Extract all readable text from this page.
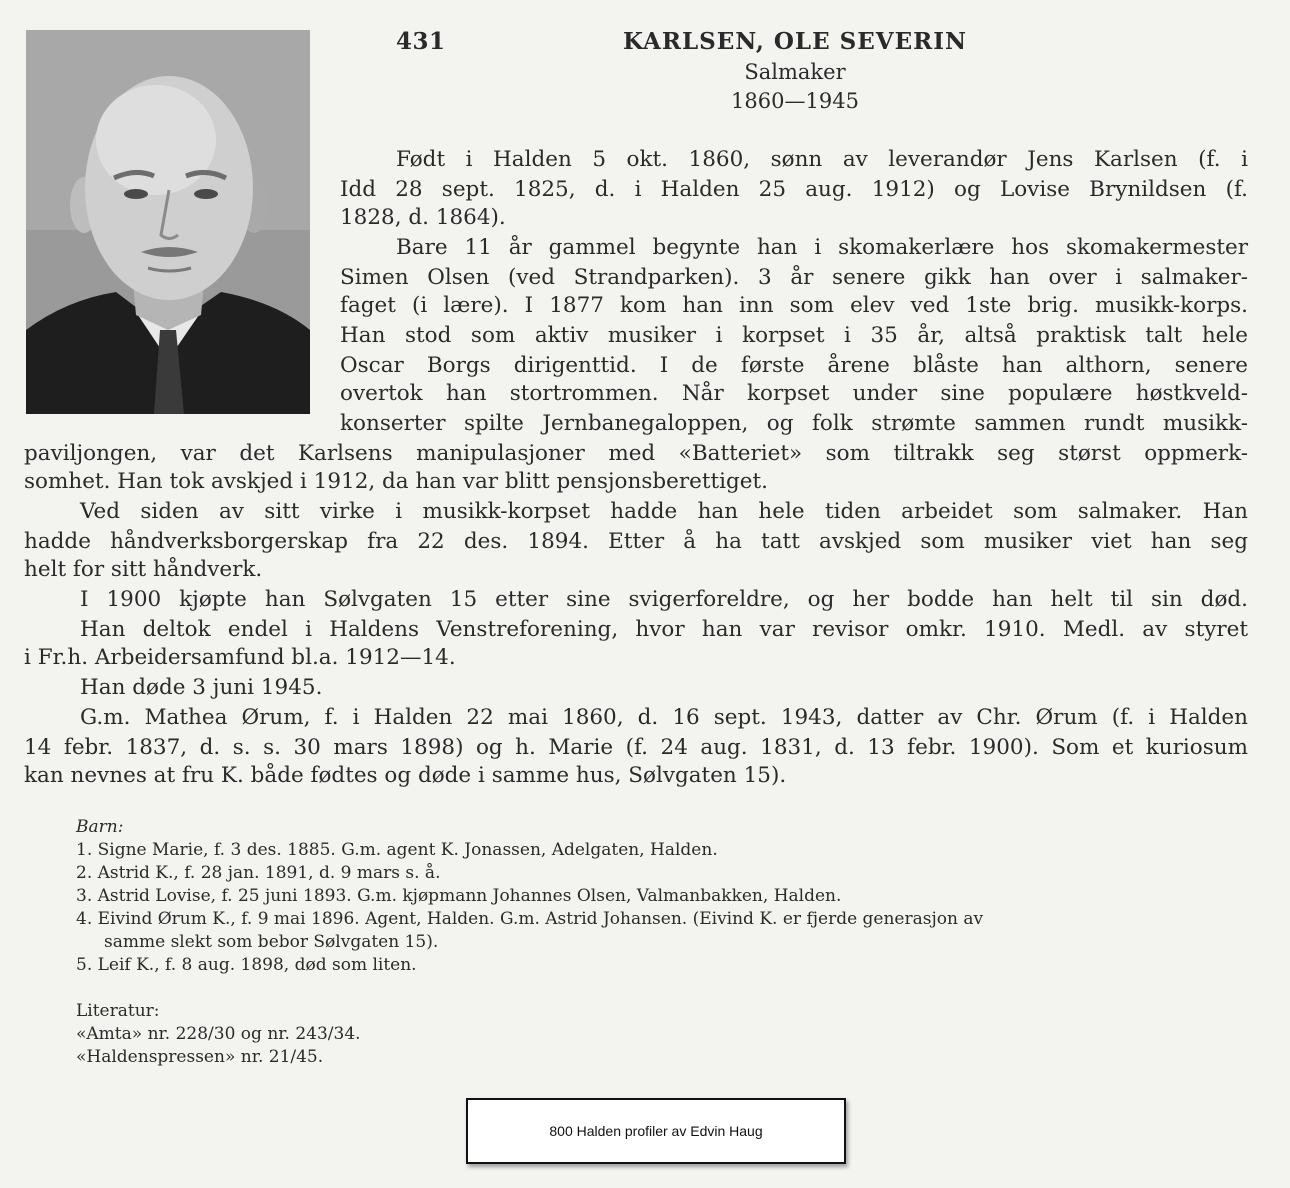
431	KARLSEN, OLE SEVERIN
Salmaker
1860—1945
Født i Halden 5 okt. 1860, sønn av leverandør Jens Karlsen (f. i
Idd 28 sept. 1825, d. i Halden 25 aug. 1912) og Lovise Brynildsen (f.
1828, d. 1864).
Bare 11 år gammel begynte han i skomakerlære hos skomakermester
Simen Olsen (ved Strandparken). 3 år senere gikk han over i salmaker-
faget (i lære). I 1877 kom han inn som elev ved 1ste brig. musikk-korps.
Han stod som aktiv musiker i korpset i 35 år, altså praktisk talt hele
Oscar Borgs dirigenttid. I de første årene blåste han althorn, senere
overtok han stortrommen. Når korpset under sine populære høstkveld-
konserter spilte Jernbanegaloppen, og folk strømte sammen rundt musikk-
paviljongen, var det Karlsens manipulasjoner med «Batteriet» som tiltrakk seg størst oppmerk-
somhet. Han tok avskjed i 1912, da han var blitt pensjonsberettiget.
Ved siden av sitt virke i musikk-korpset hadde han hele tiden arbeidet som salmaker. Han
hadde håndverksborgerskap fra 22 des. 1894. Etter å ha tatt avskjed som musiker viet han seg
helt for sitt håndverk.
I 1900 kjøpte han Sølvgaten 15 etter sine svigerforeldre, og her bodde han helt til sin død.
Han deltok endel i Haldens Venstreforening, hvor han var revisor omkr. 1910. Medl. av styret
i Fr.h. Arbeidersamfund bl.a. 1912—14.
Han døde 3 juni 1945.
G.m. Mathea Ørum, f. i Halden 22 mai 1860, d. 16 sept. 1943, datter av Chr. Ørum (f. i Halden
14 febr. 1837, d. s. s. 30 mars 1898) og h. Marie (f. 24 aug. 1831, d. 13 febr. 1900). Som et kuriosum
kan nevnes at fru K. både fødtes og døde i samme hus, Sølvgaten 15).
Barn:
1. Signe Marie, f. 3 des. 1885. G.m. agent K. Jonassen, Adelgaten, Halden.
2. Astrid K., f. 28 jan. 1891, d. 9 mars s. å.
3. Astrid Lovise, f. 25 juni 1893. G.m. kjøpmann Johannes Olsen, Valmanbakken, Halden.
4. Eivind Ørum K., f. 9 mai 1896. Agent, Halden. G.m. Astrid Johansen. (Eivind K. er fjerde generasjon av
samme slekt som bebor Sølvgaten 15).
5. Leif K., f. 8 aug. 1898, død som liten.
Literatur:
«Amta» nr. 228/30 og nr. 243/34.
«Haldenspressen» nr. 21/45.
800 Halden profiler av Edvin Haug
